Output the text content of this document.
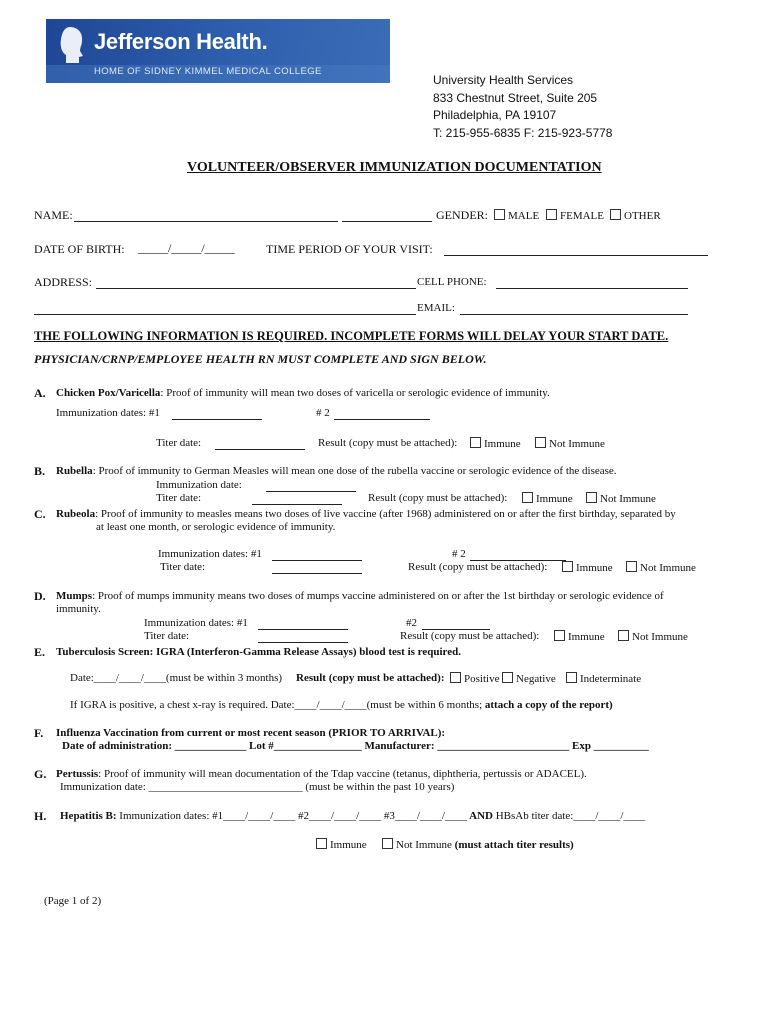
Jefferson Health.
HOME OF SIDNEY KIMMEL MEDICAL COLLEGE
University Health Services
833 Chestnut Street, Suite 205
Philadelphia, PA 19107
T: 215-955-6835 F: 215-923-5778
VOLUNTEER/OBSERVER IMMUNIZATION DOCUMENTATION
NAME:	GENDER:	MALE	FEMALE	OTHER
DATE OF BIRTH: _____/_____/_____	TIME PERIOD OF YOUR VISIT:
ADDRESS:	CELL PHONE:
EMAIL:
THE FOLLOWING INFORMATION IS REQUIRED. INCOMPLETE FORMS WILL DELAY YOUR START DATE.
PHYSICIAN/CRNP/EMPLOYEE HEALTH RN MUST COMPLETE AND SIGN BELOW.
A. Chicken Pox/Varicella: Proof of immunity will mean two doses of varicella or serologic evidence of immunity.
Immunization dates: #1	# 2
Titer date:	Result (copy must be attached):	Immune	Not Immune
B. Rubella: Proof of immunity to German Measles will mean one dose of the rubella vaccine or serologic evidence of the disease.
Immunization date:
Titer date:	Result (copy must be attached):	Immune	Not Immune
C. Rubeola: Proof of immunity to measles means two doses of live vaccine (after 1968) administered on or after the first birthday, separated by
at least one month, or serologic evidence of immunity.
Immunization dates: #1	# 2
Titer date:	Result (copy must be attached):	Immune	Not Immune
D. Mumps: Proof of mumps immunity means two doses of mumps vaccine administered on or after the 1st birthday or serologic evidence of
immunity.
Immunization dates: #1	#2
Titer date:	Result (copy must be attached):	Immune	Not Immune
E. Tuberculosis Screen: IGRA (Interferon-Gamma Release Assays) blood test is required.
Date:____/____/____(must be within 3 months) Result (copy must be attached):	Positive	Negative	Indeterminate
If IGRA is positive, a chest x-ray is required. Date:____/____/____(must be within 6 months; attach a copy of the report)
F. Influenza Vaccination from current or most recent season (PRIOR TO ARRIVAL):
Date of administration: _____________ Lot #________________ Manufacturer: ________________________ Exp __________
G. Pertussis: Proof of immunity will mean documentation of the Tdap vaccine (tetanus, diphtheria, pertussis or ADACEL).
Immunization date: ____________________________ (must be within the past 10 years)
H. Hepatitis B: Immunization dates: #1____/____/____ #2____/____/____ #3____/____/____ AND HBsAb titer date:____/____/____
Immune	Not Immune (must attach titer results)
(Page 1 of 2)
